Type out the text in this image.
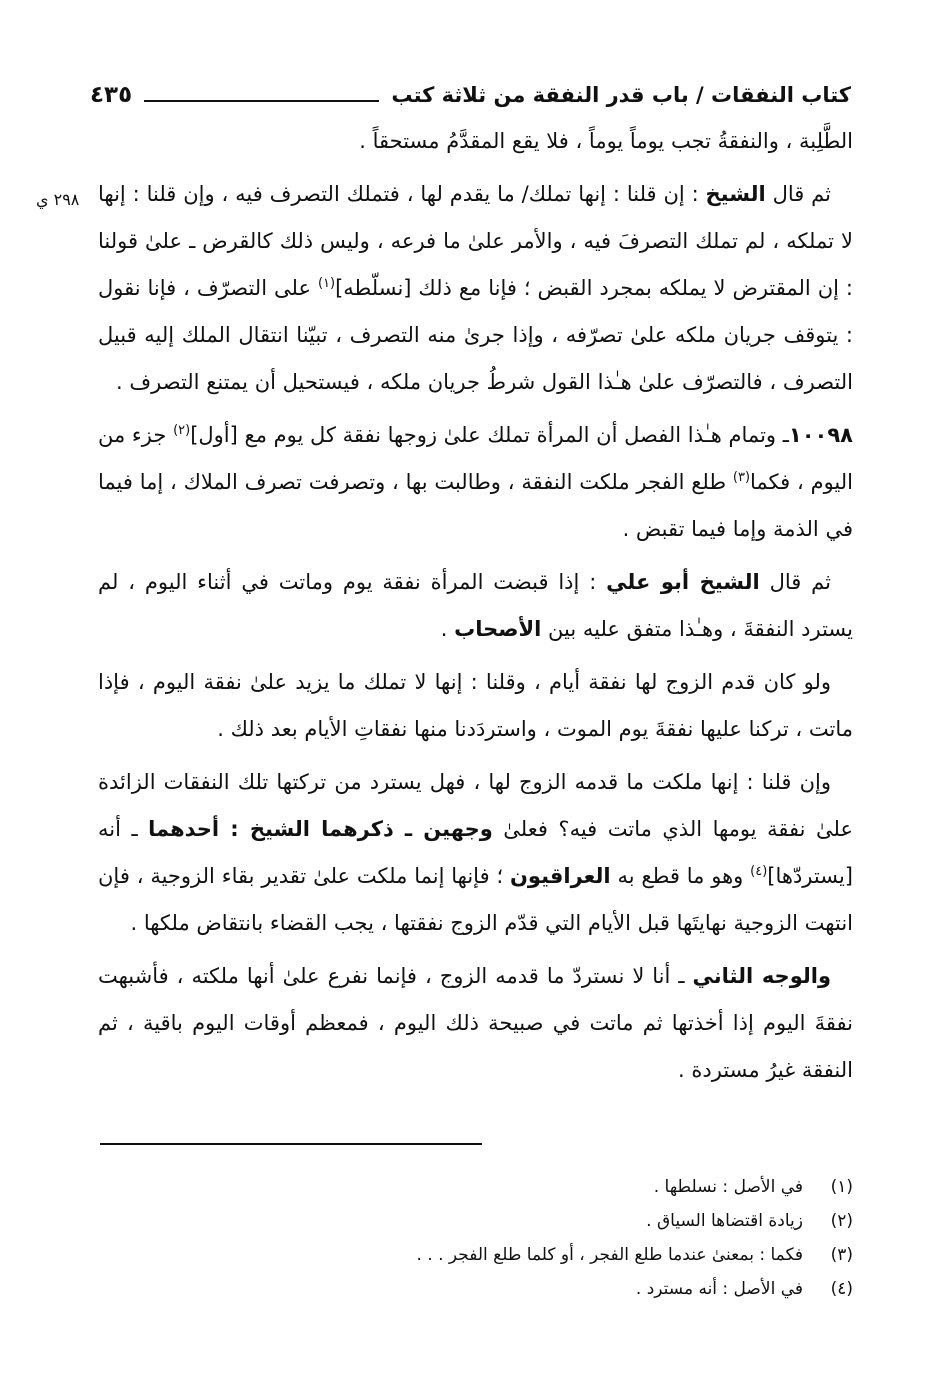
كتاب النفقات / باب قدر النفقة من ثلاثة كتب
٤٣٥
٢٩٨ ي

الطَّلِبة ، والنفقةُ تجب يوماً يوماً ، فلا يقع المقدَّمُ مستحقاً .

ثم قال الشيخ : إن قلنا : إنها تملك/ ما يقدم لها ، فتملك التصرف فيه ، وإن قلنا : إنها لا تملكه ، لم تملك التصرفَ فيه ، والأمر علىٰ ما فرعه ، وليس ذلك كالقرض ـ علىٰ قولنا : إن المقترض لا يملكه بمجرد القبض ؛ فإنا مع ذلك [نسلّطه]$^{(١)}$ على التصرّف ، فإنا نقول : يتوقف جريان ملكه علىٰ تصرّفه ، وإذا جرىٰ منه التصرف ، تبيّنا انتقال الملك إليه قبيل التصرف ، فالتصرّف علىٰ هـٰذا القول شرطُ جريان ملكه ، فيستحيل أن يمتنع التصرف .

١٠٠٩٨ـ وتمام هـٰذا الفصل أن المرأة تملك علىٰ زوجها نفقة كل يوم مع [أول]$^{(٢)}$ جزء من اليوم ، فكما$^{(٣)}$ طلع الفجر ملكت النفقة ، وطالبت بها ، وتصرفت تصرف الملاك ، إما فيما في الذمة وإما فيما تقبض .

ثم قال الشيخ أبو علي : إذا قبضت المرأة نفقة يوم وماتت في أثناء اليوم ، لم يسترد النفقةَ ، وهـٰذا متفق عليه بين الأصحاب .

ولو كان قدم الزوج لها نفقة أيام ، وقلنا : إنها لا تملك ما يزيد علىٰ نفقة اليوم ، فإذا ماتت ، تركنا عليها نفقةَ يوم الموت ، واستردَدنا منها نفقاتِ الأيام بعد ذلك .

وإن قلنا : إنها ملكت ما قدمه الزوج لها ، فهل يسترد من تركتها تلك النفقات الزائدة علىٰ نفقة يومها الذي ماتت فيه؟ فعلىٰ وجهين ـ ذكرهما الشيخ : أحدهما ـ أنه [يستردّها]$^{(٤)}$ وهو ما قطع به العراقيون ؛ فإنها إنما ملكت علىٰ تقدير بقاء الزوجية ، فإن انتهت الزوجية نهايتَها قبل الأيام التي قدّم الزوج نفقتها ، يجب القضاء بانتقاض ملكها .

والوجه الثاني ـ أنا لا نستردّ ما قدمه الزوج ، فإنما نفرع علىٰ أنها ملكته ، فأشبهت نفقةَ اليوم إذا أخذتها ثم ماتت في صبيحة ذلك اليوم ، فمعظم أوقات اليوم باقية ، ثم النفقة غيرُ مستردة .

(١)
في الأصل : نسلطها .
(٢)
زيادة اقتضاها السياق .
(٣)
فكما : بمعنىٰ عندما طلع الفجر ، أو كلما طلع الفجر . . .
(٤)
في الأصل : أنه مسترد .
